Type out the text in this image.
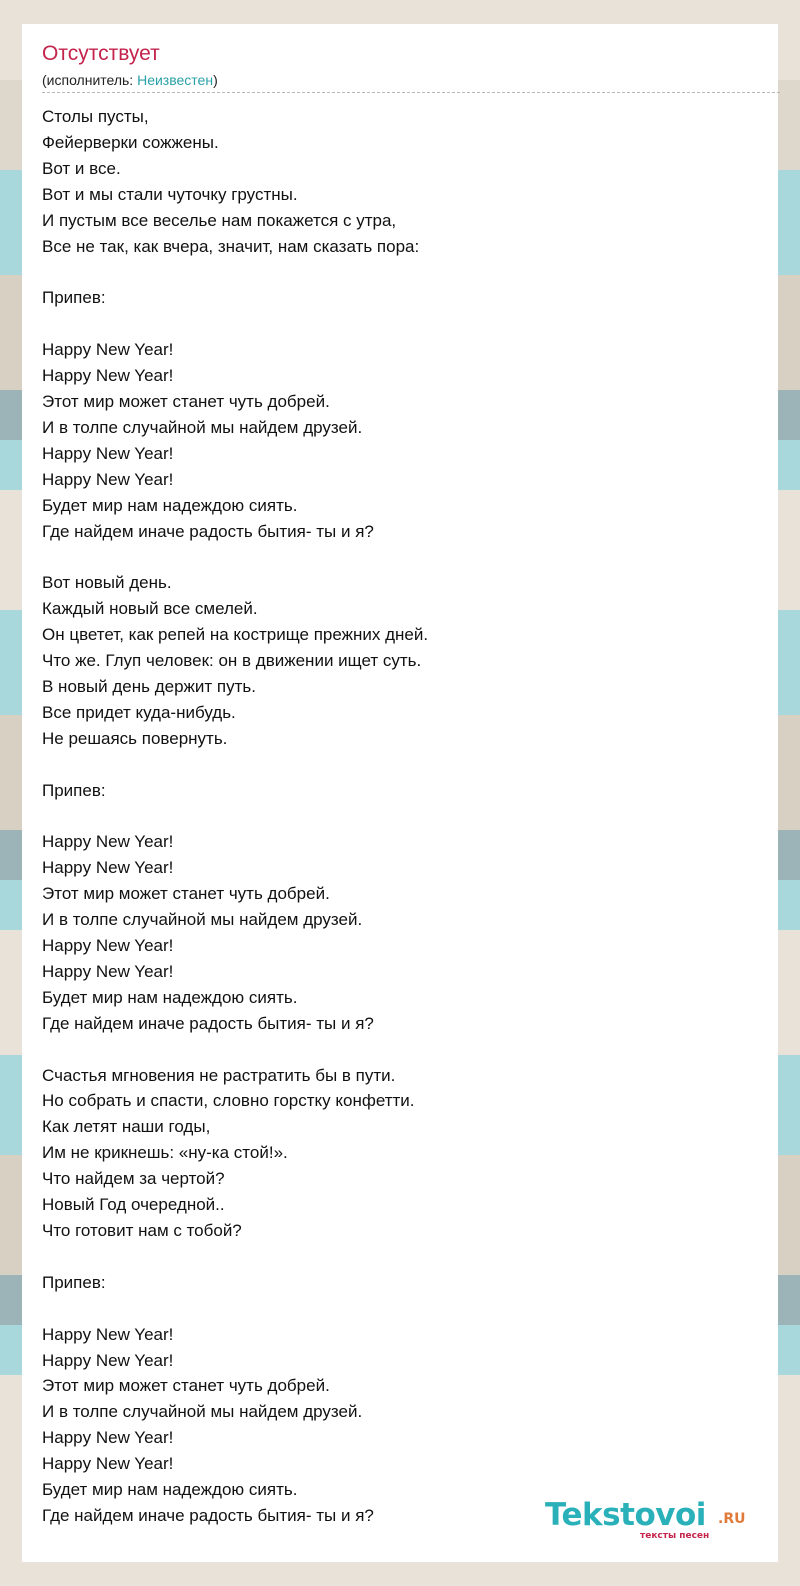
Отсутствует
(исполнитель: Неизвестен)
Столы пусты,
Фейерверки сожжены.
Вот и все.
Вот и мы стали чуточку грустны.
И пустым все веселье нам покажется с утра,
Все не так, как вчера, значит, нам сказать пора:

Припев:

Happy New Year!
Happy New Year!
Этот мир может станет чуть добрей.
И в толпе случайной мы найдем друзей.
Happy New Year!
Happy New Year!
Будет мир нам надеждою сиять.
Где найдем иначе радость бытия- ты и я?

Вот новый день.
Каждый новый все смелей.
Он цветет, как репей на кострище прежних дней.
Что же. Глуп человек: он в движении ищет суть.
В новый день держит путь.
Все придет куда-нибудь.
Не решаясь повернуть.

Припев:

Happy New Year!
Happy New Year!
Этот мир может станет чуть добрей.
И в толпе случайной мы найдем друзей.
Happy New Year!
Happy New Year!
Будет мир нам надеждою сиять.
Где найдем иначе радость бытия- ты и я?

Счастья мгновения не растратить бы в пути.
Но собрать и спасти, словно горстку конфетти.
Как летят наши годы,
Им не крикнешь: «ну-ка стой!».
Что найдем за чертой?
Новый Год очередной..
Что готовит нам с тобой?

Припев:

Happy New Year!
Happy New Year!
Этот мир может станет чуть добрей.
И в толпе случайной мы найдем друзей.
Happy New Year!
Happy New Year!
Будет мир нам надеждою сиять.
Где найдем иначе радость бытия- ты и я?	Tekstovoi .RU
тексты песен
